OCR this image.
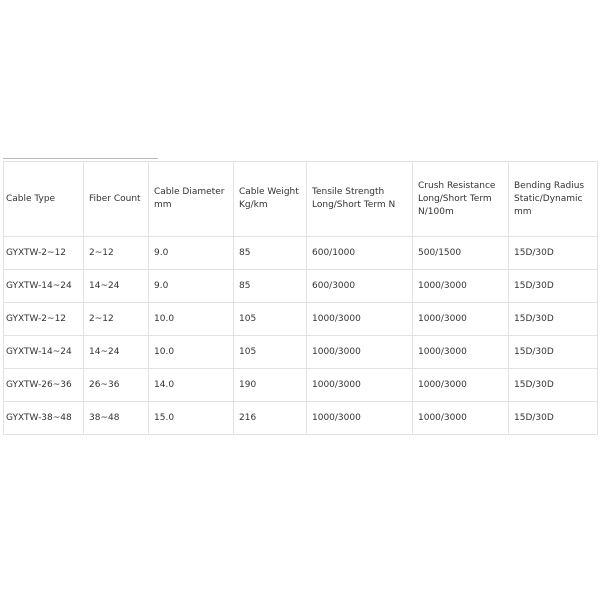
Cable Type	Fiber Count	Cable Diameter mm	Cable Weight Kg/km	Tensile Strength Long/Short Term N	Crush Resistance Long/Short Term N/100m	Bending Radius Static/Dynamic mm
GYXTW-2~12	2~12	9.0	85	600/1000	500/1500	15D/30D
GYXTW-14~24	14~24	9.0	85	600/3000	1000/3000	15D/30D
GYXTW-2~12	2~12	10.0	105	1000/3000	1000/3000	15D/30D
GYXTW-14~24	14~24	10.0	105	1000/3000	1000/3000	15D/30D
GYXTW-26~36	26~36	14.0	190	1000/3000	1000/3000	15D/30D
GYXTW-38~48	38~48	15.0	216	1000/3000	1000/3000	15D/30D
